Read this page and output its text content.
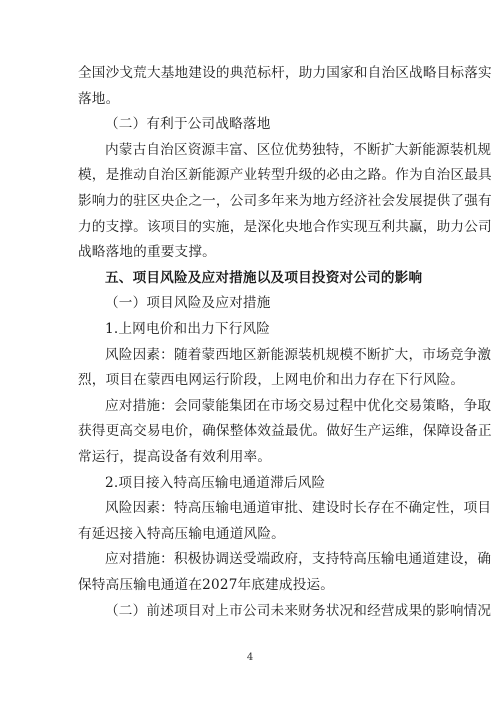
全国沙戈荒大基地建设的典范标杆，助力国家和自治区战略目标落实
落地。
（二）有利于公司战略落地
内蒙古自治区资源丰富、区位优势独特，不断扩大新能源装机规
模，是推动自治区新能源产业转型升级的必由之路。作为自治区最具
影响力的驻区央企之一，公司多年来为地方经济社会发展提供了强有
力的支撑。该项目的实施，是深化央地合作实现互利共赢，助力公司
战略落地的重要支撑。
五、项目风险及应对措施以及项目投资对公司的影响
（一）项目风险及应对措施
1.上网电价和出力下行风险
风险因素：随着蒙西地区新能源装机规模不断扩大，市场竞争激
烈，项目在蒙西电网运行阶段，上网电价和出力存在下行风险。
应对措施：会同蒙能集团在市场交易过程中优化交易策略，争取
获得更高交易电价，确保整体效益最优。做好生产运维，保障设备正
常运行，提高设备有效利用率。
2.项目接入特高压输电通道滞后风险
风险因素：特高压输电通道审批、建设时长存在不确定性，项目
有延迟接入特高压输电通道风险。
应对措施：积极协调送受端政府，支持特高压输电通道建设，确
保特高压输电通道在2027年底建成投运。
（二）前述项目对上市公司未来财务状况和经营成果的影响情况
4
